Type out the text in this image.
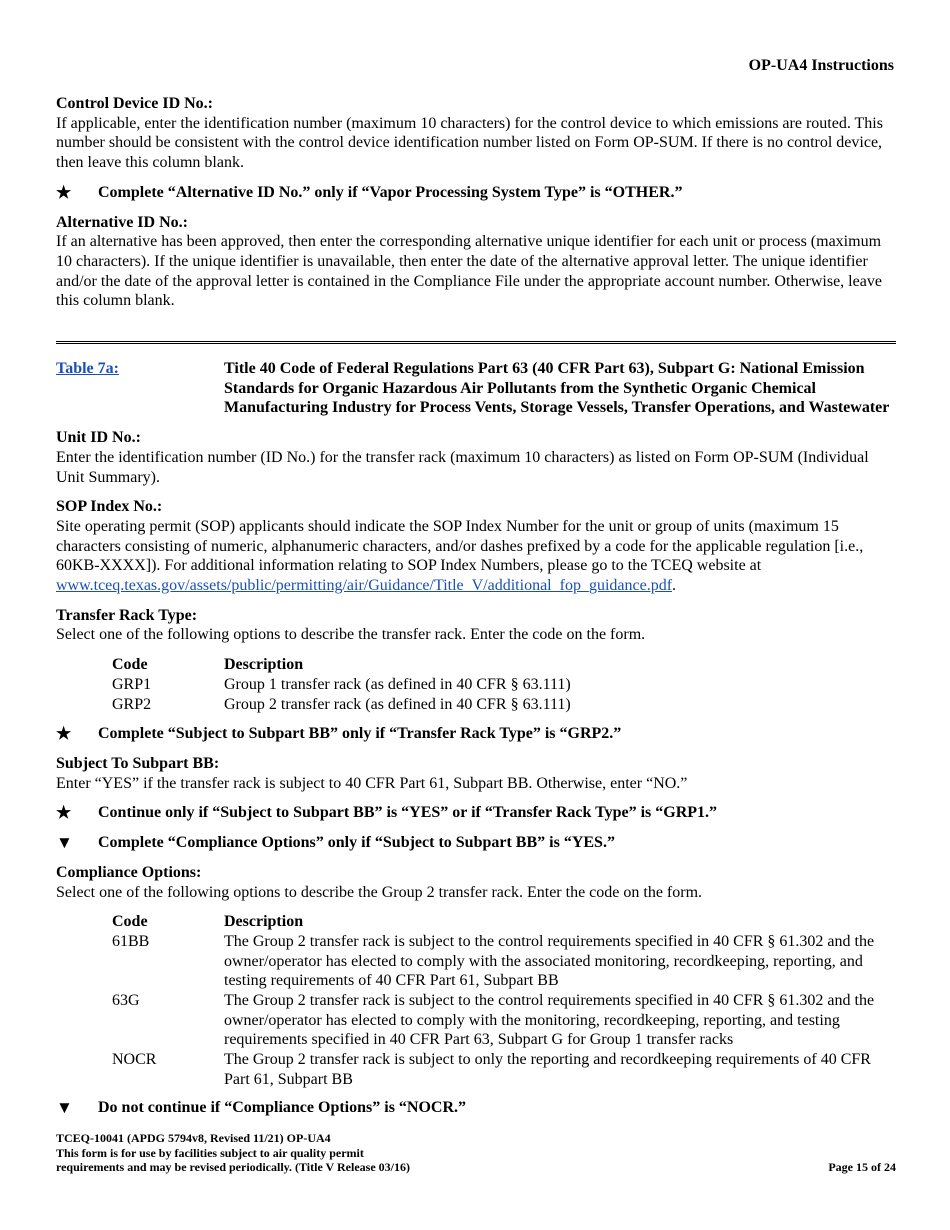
OP-UA4 Instructions

Control Device ID No.:

If applicable, enter the identification number (maximum 10 characters) for the control device to which emissions are routed. This number should be consistent with the control device identification number listed on Form OP-SUM. If there is no control device, then leave this column blank.

★	Complete “Alternative ID No.” only if “Vapor Processing System Type” is “OTHER.”

Alternative ID No.:

If an alternative has been approved, then enter the corresponding alternative unique identifier for each unit or process (maximum 10 characters). If the unique identifier is unavailable, then enter the date of the alternative approval letter. The unique identifier and/or the date of the approval letter is contained in the Compliance File under the appropriate account number. Otherwise, leave this column blank.

Table 7a:	Title 40 Code of Federal Regulations Part 63 (40 CFR Part 63), Subpart G: National Emission Standards for Organic Hazardous Air Pollutants from the Synthetic Organic Chemical Manufacturing Industry for Process Vents, Storage Vessels, Transfer Operations, and Wastewater

Unit ID No.:

Enter the identification number (ID No.) for the transfer rack (maximum 10 characters) as listed on Form OP-SUM (Individual Unit Summary).

SOP Index No.:

Site operating permit (SOP) applicants should indicate the SOP Index Number for the unit or group of units (maximum 15 characters consisting of numeric, alphanumeric characters, and/or dashes prefixed by a code for the applicable regulation [i.e., 60KB-XXXX]). For additional information relating to SOP Index Numbers, please go to the TCEQ website at www.tceq.texas.gov/assets/public/permitting/air/Guidance/Title_V/additional_fop_guidance.pdf.

Transfer Rack Type:

Select one of the following options to describe the transfer rack. Enter the code on the form.

Code	Description
GRP1	Group 1 transfer rack (as defined in 40 CFR § 63.111)
GRP2	Group 2 transfer rack (as defined in 40 CFR § 63.111)

★	Complete “Subject to Subpart BB” only if “Transfer Rack Type” is “GRP2.”

Subject To Subpart BB:

Enter “YES” if the transfer rack is subject to 40 CFR Part 61, Subpart BB. Otherwise, enter “NO.”

★	Continue only if “Subject to Subpart BB” is “YES” or if “Transfer Rack Type” is “GRP1.”

▼	Complete “Compliance Options” only if “Subject to Subpart BB” is “YES.”

Compliance Options:

Select one of the following options to describe the Group 2 transfer rack. Enter the code on the form.

Code	Description
61BB	The Group 2 transfer rack is subject to the control requirements specified in 40 CFR § 61.302 and the owner/operator has elected to comply with the associated monitoring, recordkeeping, reporting, and testing requirements of 40 CFR Part 61, Subpart BB
63G	The Group 2 transfer rack is subject to the control requirements specified in 40 CFR § 61.302 and the owner/operator has elected to comply with the monitoring, recordkeeping, reporting, and testing requirements specified in 40 CFR Part 63, Subpart G for Group 1 transfer racks
NOCR	The Group 2 transfer rack is subject to only the reporting and recordkeeping requirements of 40 CFR Part 61, Subpart BB

▼	Do not continue if “Compliance Options” is “NOCR.”

TCEQ-10041 (APDG 5794v8, Revised 11/21) OP-UA4
This form is for use by facilities subject to air quality permit
requirements and may be revised periodically. (Title V Release 03/16)	Page 15 of 24
